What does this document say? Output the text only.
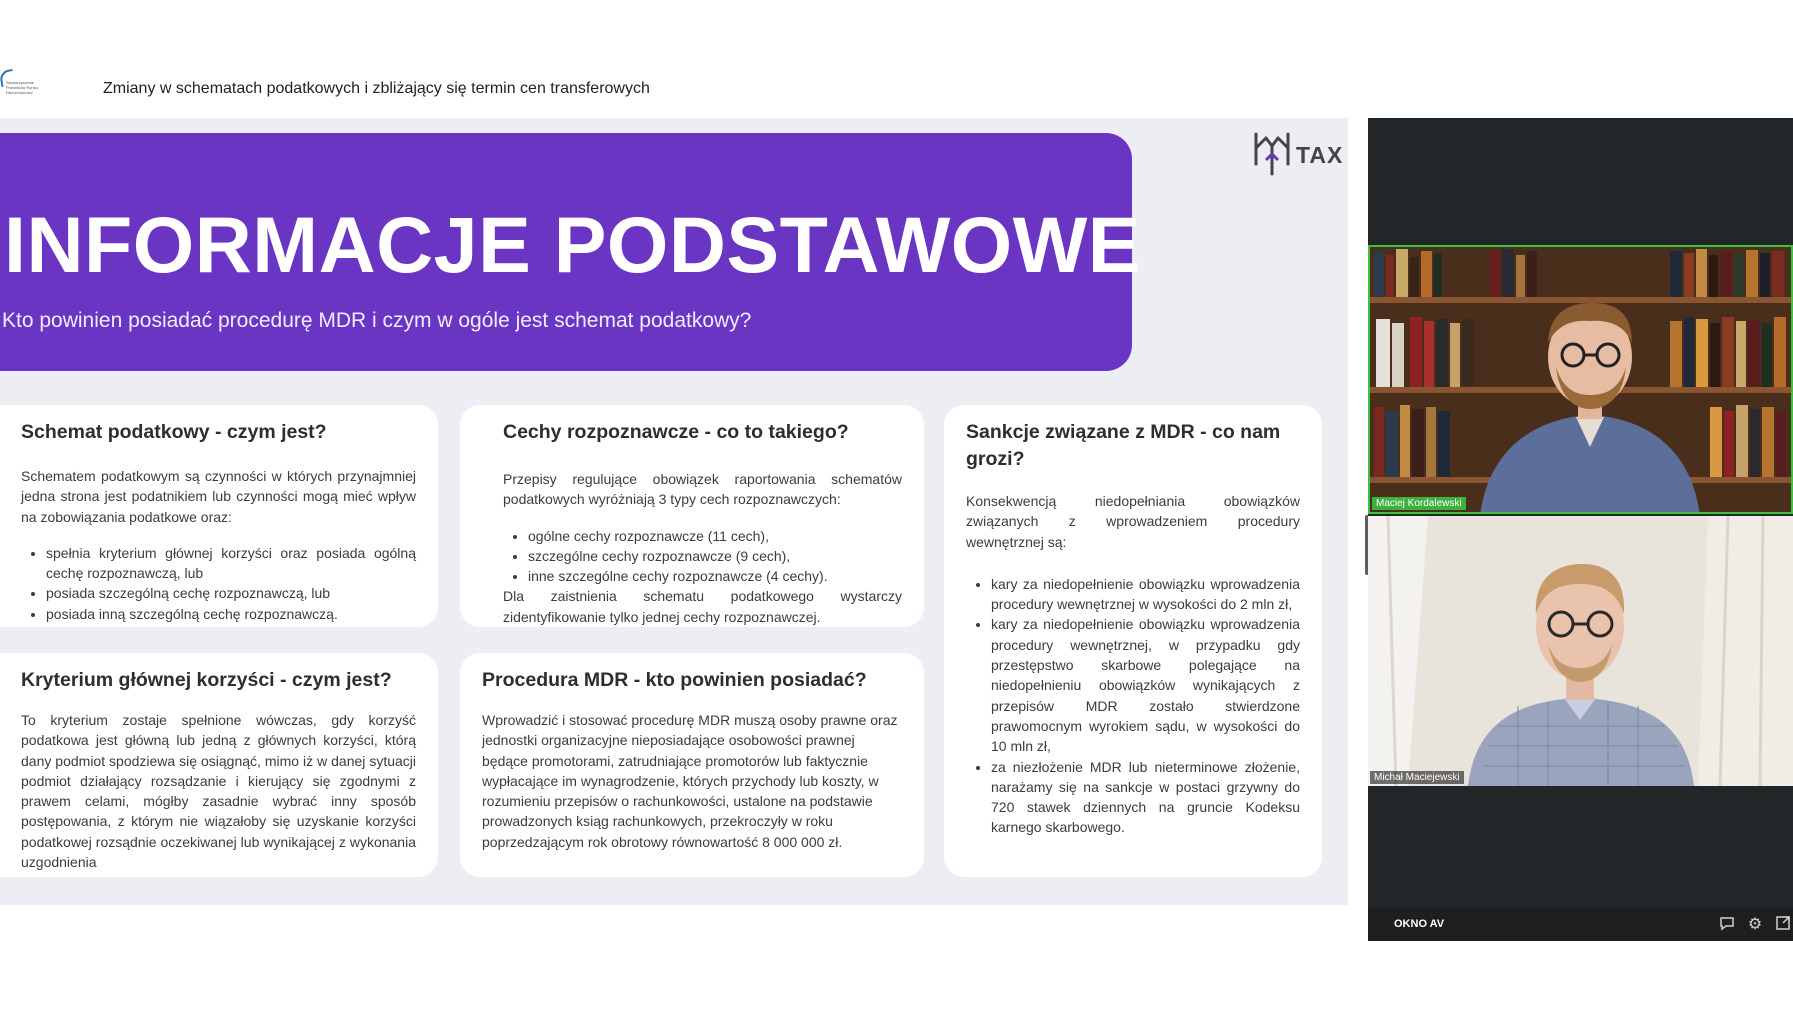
Stowarzyszenie Prawników Rynku Nieruchomości	Zmiany w schematach podatkowych i zbliżający się termin cen transferowych
INFORMACJE PODSTAWOWE
Kto powinien posiadać procedurę MDR i czym w ogóle jest schemat podatkowy?
TAX
Schemat podatkowy - czym jest?

Schematem podatkowym są czynności w których przynajmniej jedna strona jest podatnikiem lub czynności mogą mieć wpływ na zobowiązania podatkowe oraz:

• spełnia kryterium głównej korzyści oraz posiada ogólną cechę rozpoznawczą, lub
• posiada szczególną cechę rozpoznawczą, lub
• posiada inną szczególną cechę rozpoznawczą.
Cechy rozpoznawcze - co to takiego?

Przepisy regulujące obowiązek raportowania schematów podatkowych wyróżniają 3 typy cech rozpoznawczych:

• ogólne cechy rozpoznawcze (11 cech),
• szczególne cechy rozpoznawcze (9 cech),
• inne szczególne cechy rozpoznawcze (4 cechy).

Dla zaistnienia schematu podatkowego wystarczy zidentyfikowanie tylko jednej cechy rozpoznawczej.

Sankcje związane z MDR - co nam grozi?

Konsekwencją niedopełniania obowiązków związanych z wprowadzeniem procedury wewnętrznej są:

• kary za niedopełnienie obowiązku wprowadzenia procedury wewnętrznej w wysokości do 2 mln zł,
• kary za niedopełnienie obowiązku wprowadzenia procedury wewnętrznej, w przypadku gdy przestępstwo skarbowe polegające na niedopełnieniu obowiązków wynikających z przepisów MDR zostało stwierdzone prawomocnym wyrokiem sądu, w wysokości do 10 mln zł,
• za niezłożenie MDR lub nieterminowe złożenie, narażamy się na sankcje w postaci grzywny do 720 stawek dziennych na gruncie Kodeksu karnego skarbowego.
Kryterium głównej korzyści - czym jest?

To kryterium zostaje spełnione wówczas, gdy korzyść podatkowa jest główną lub jedną z głównych korzyści, którą dany podmiot spodziewa się osiągnąć, mimo iż w danej sytuacji podmiot działający rozsądzanie i kierujący się zgodnymi z prawem celami, mógłby zasadnie wybrać inny sposób postępowania, z którym nie wiązałoby się uzyskanie korzyści podatkowej rozsądnie oczekiwanej lub wynikającej z wykonania uzgodnienia

Procedura MDR - kto powinien posiadać?

Wprowadzić i stosować procedurę MDR muszą osoby prawne oraz jednostki organizacyjne nieposiadające osobowości prawnej będące promotorami, zatrudniające promotorów lub faktycznie wypłacające im wynagrodzenie, których przychody lub koszty, w rozumieniu przepisów o rachunkowości, ustalone na podstawie prowadzonych ksiąg rachunkowych, przekroczyły w roku poprzedzającym rok obrotowy równowartość 8 000 000 zł.

Maciej Kordalewski
Michał Maciejewski
OKNO AV	⚙
